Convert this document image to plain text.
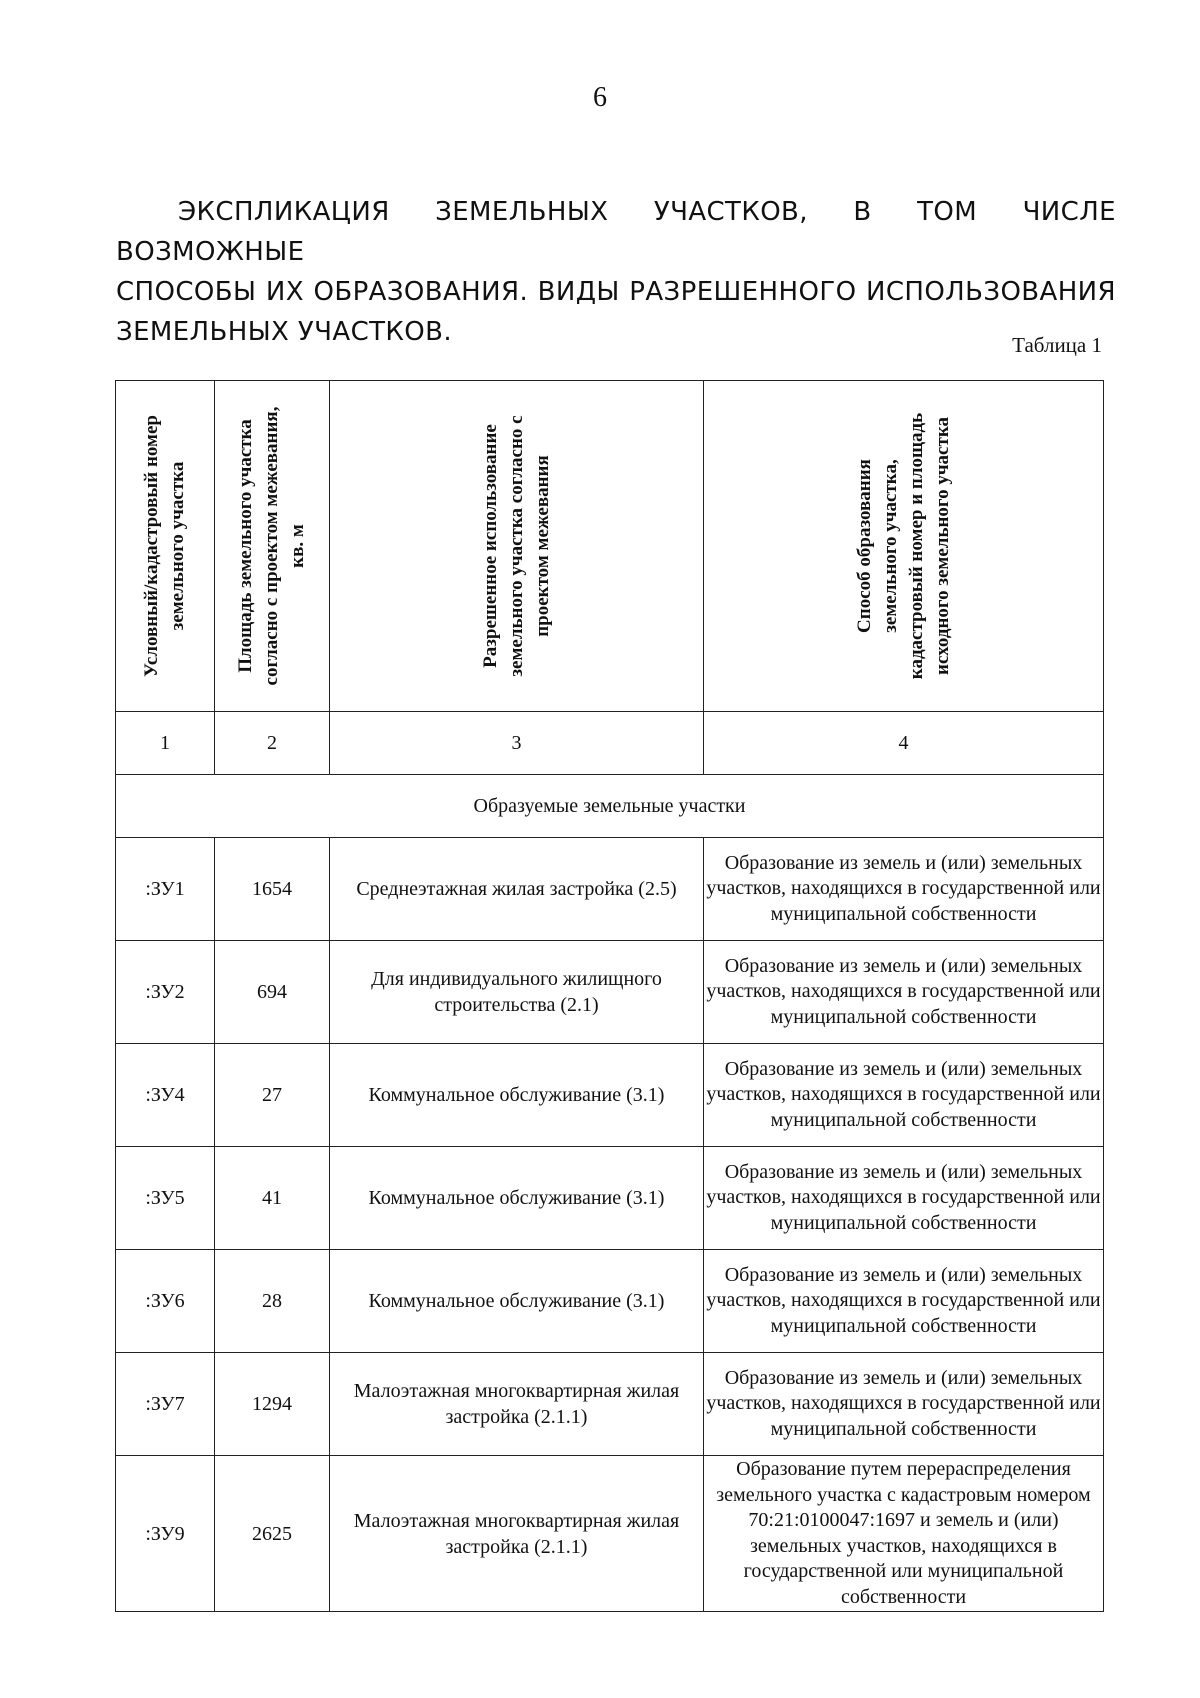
6
ЭКСПЛИКАЦИЯ ЗЕМЕЛЬНЫХ УЧАСТКОВ, В ТОМ ЧИСЛЕ ВОЗМОЖНЫЕ
СПОСОБЫ ИХ ОБРАЗОВАНИЯ. ВИДЫ РАЗРЕШЕННОГО ИСПОЛЬЗОВАНИЯ ЗЕМЕЛЬНЫХ УЧАСТКОВ.	Таблица 1
Условный/кадастровый номер земельного участка	Площадь земельного участка согласно с проектом межевания, кв. м	Разрешенное использование земельного участка согласно с проектом межевания	Способ образования земельного участка, кадастровый номер и площадь исходного земельного участка

1	2	3	4
Образуемые земельные участки			
:ЗУ1	1654	Среднеэтажная жилая застройка (2.5)	Образование из земель и (или) земельных участков, находящихся в государственной или муниципальной собственности
:ЗУ2	694	Для индивидуального жилищного строительства (2.1)	Образование из земель и (или) земельных участков, находящихся в государственной или муниципальной собственности
:ЗУ4	27	Коммунальное обслуживание (3.1)	Образование из земель и (или) земельных участков, находящихся в государственной или муниципальной собственности
:ЗУ5	41	Коммунальное обслуживание (3.1)	Образование из земель и (или) земельных участков, находящихся в государственной или муниципальной собственности
:ЗУ6	28	Коммунальное обслуживание (3.1)	Образование из земель и (или) земельных участков, находящихся в государственной или муниципальной собственности
:ЗУ7	1294	Малоэтажная многоквартирная жилая застройка (2.1.1)	Образование из земель и (или) земельных участков, находящихся в государственной или муниципальной собственности
:ЗУ9	2625	Малоэтажная многоквартирная жилая застройка (2.1.1)	Образование путем перераспределения земельного участка с кадастровым номером 70:21:0100047:1697 и земель и (или) земельных участков, находящихся в государственной или муниципальной собственности
